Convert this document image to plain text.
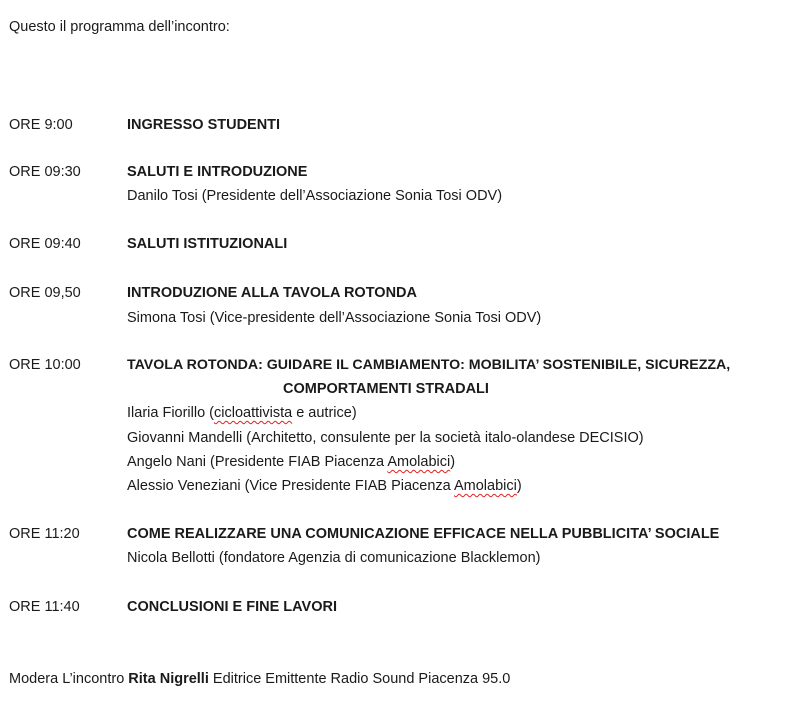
Questo il programma dell’incontro:
ORE 9:00	INGRESSO STUDENTI
ORE 09:30	SALUTI E INTRODUZIONE
Danilo Tosi (Presidente dell’Associazione Sonia Tosi ODV)
ORE 09:40	SALUTI ISTITUZIONALI
ORE 09,50	INTRODUZIONE ALLA TAVOLA ROTONDA
Simona Tosi (Vice-presidente dell’Associazione Sonia Tosi ODV)
ORE 10:00	TAVOLA ROTONDA: GUIDARE IL CAMBIAMENTO: MOBILITA’ SOSTENIBILE, SICUREZZA,
COMPORTAMENTI STRADALI
Ilaria Fiorillo (cicloattivista e autrice)
Giovanni Mandelli (Architetto, consulente per la società italo-olandese DECISIO)
Angelo Nani (Presidente FIAB Piacenza Amolabici)
Alessio Veneziani (Vice Presidente FIAB Piacenza Amolabici)
ORE 11:20	COME REALIZZARE UNA COMUNICAZIONE EFFICACE NELLA PUBBLICITA’ SOCIALE
Nicola Bellotti (fondatore Agenzia di comunicazione Blacklemon)
ORE 11:40	CONCLUSIONI E FINE LAVORI
Modera L’incontro Rita Nigrelli Editrice Emittente Radio Sound Piacenza 95.0
